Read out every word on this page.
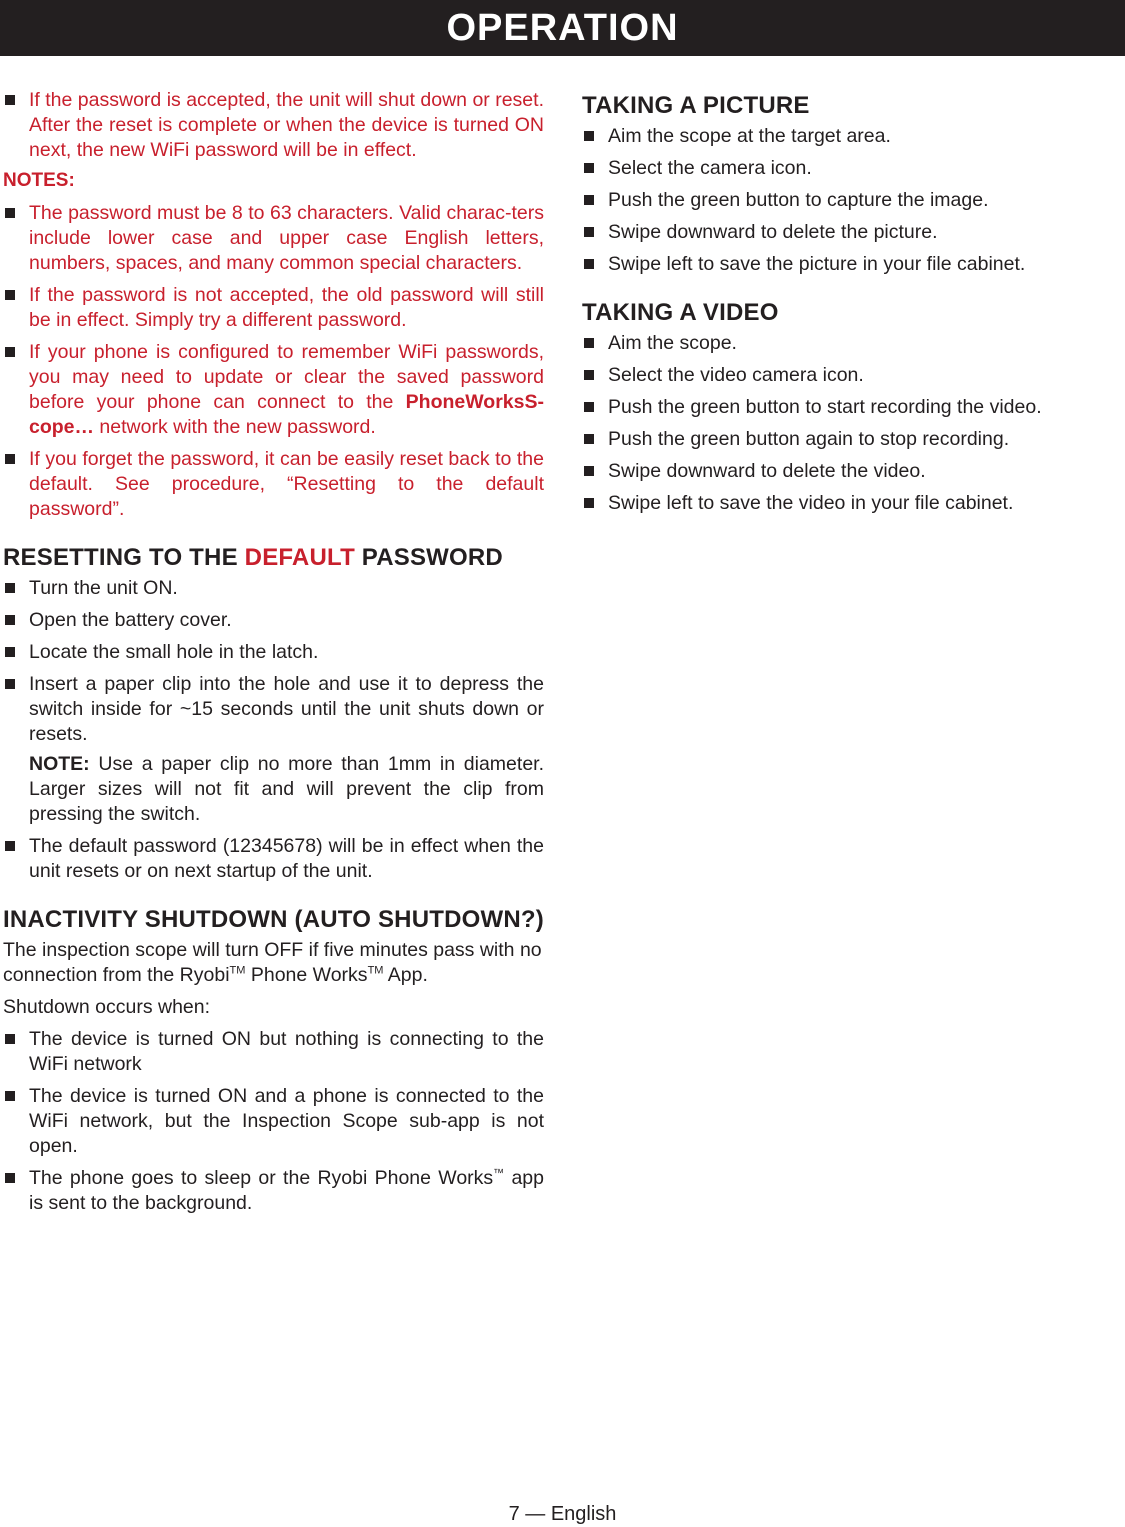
OPERATION
If the password is accepted, the unit will shut down or reset. After the reset is complete or when the device is turned ON next, the new WiFi password will be in effect.
NOTES:
The password must be 8 to 63 characters. Valid charac-ters include lower case and upper case English letters, numbers, spaces, and many common special characters.
If the password is not accepted, the old password will still be in effect. Simply try a different password.
If your phone is configured to remember WiFi passwords, you may need to update or clear the saved password before your phone can connect to the PhoneWorksS-cope… network with the new password.
If you forget the password, it can be easily reset back to the default. See procedure, “Resetting to the default password”.
RESETTING TO THE DEFAULT PASSWORD
Turn the unit ON.
Open the battery cover.
Locate the small hole in the latch.
Insert a paper clip into the hole and use it to depress the switch inside for ~15 seconds until the unit shuts down or resets.
NOTE: Use a paper clip no more than 1mm in diameter. Larger sizes will not fit and will prevent the clip from pressing the switch.
The default password (12345678) will be in effect when the unit resets or on next startup of the unit.
INACTIVITY SHUTDOWN (AUTO SHUTDOWN?)
The inspection scope will turn OFF if five minutes pass with no connection from the Ryobi™ Phone Works™ App.
Shutdown occurs when:
The device is turned ON but nothing is connecting to the WiFi network
The device is turned ON and a phone is connected to the WiFi network, but the Inspection Scope sub-app is not open.
The phone goes to sleep or the Ryobi Phone Works™ app is sent to the background.
TAKING A PICTURE
Aim the scope at the target area.
Select the camera icon.
Push the green button to capture the image.
Swipe downward to delete the picture.
Swipe left to save the picture in your file cabinet.
TAKING A VIDEO
Aim the scope.
Select the video camera icon.
Push the green button to start recording the video.
Push the green button again to stop recording.
Swipe downward to delete the video.
Swipe left to save the video in your file cabinet.
7 — English
